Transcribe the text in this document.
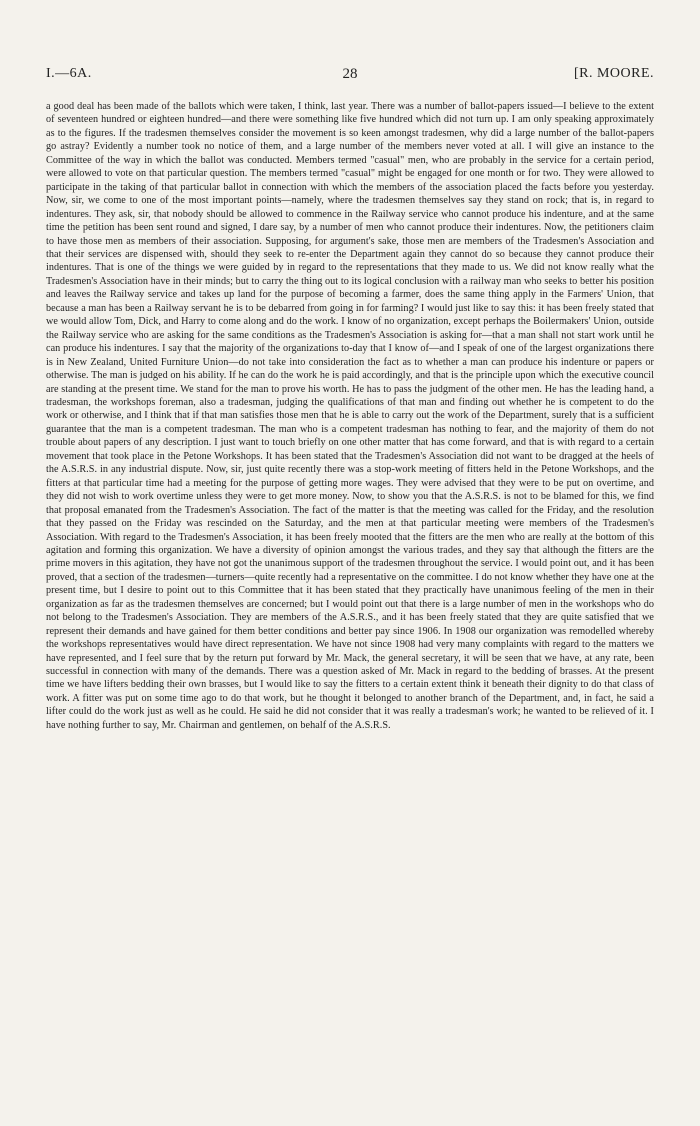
I.—6A.	28	[R. MOORE.
a good deal has been made of the ballots which were taken, I think, last year. There was a number of ballot-papers issued—I believe to the extent of seventeen hundred or eighteen hundred—and there were something like five hundred which did not turn up. I am only speaking approximately as to the figures. If the tradesmen themselves consider the movement is so keen amongst tradesmen, why did a large number of the ballot-papers go astray? Evidently a number took no notice of them, and a large number of the members never voted at all. I will give an instance to the Committee of the way in which the ballot was conducted. Members termed "casual" men, who are probably in the service for a certain period, were allowed to vote on that particular question. The members termed "casual" might be engaged for one month or for two. They were allowed to participate in the taking of that particular ballot in connection with which the members of the association placed the facts before you yesterday. Now, sir, we come to one of the most important points—namely, where the tradesmen themselves say they stand on rock; that is, in regard to indentures. They ask, sir, that nobody should be allowed to commence in the Railway service who cannot produce his indenture, and at the same time the petition has been sent round and signed, I dare say, by a number of men who cannot produce their indentures. Now, the petitioners claim to have those men as members of their association. Supposing, for argument's sake, those men are members of the Tradesmen's Association and that their services are dispensed with, should they seek to re-enter the Department again they cannot do so because they cannot produce their indentures. That is one of the things we were guided by in regard to the representations that they made to us. We did not know really what the Tradesmen's Association have in their minds; but to carry the thing out to its logical conclusion with a railway man who seeks to better his position and leaves the Railway service and takes up land for the purpose of becoming a farmer, does the same thing apply in the Farmers' Union, that because a man has been a Railway servant he is to be debarred from going in for farming? I would just like to say this: it has been freely stated that we would allow Tom, Dick, and Harry to come along and do the work. I know of no organization, except perhaps the Boilermakers' Union, outside the Railway service who are asking for the same conditions as the Tradesmen's Association is asking for—that a man shall not start work until he can produce his indentures. I say that the majority of the organizations to-day that I know of—and I speak of one of the largest organizations there is in New Zealand, United Furniture Union—do not take into consideration the fact as to whether a man can produce his indenture or papers or otherwise. The man is judged on his ability. If he can do the work he is paid accordingly, and that is the principle upon which the executive council are standing at the present time. We stand for the man to prove his worth. He has to pass the judgment of the other men. He has the leading hand, a tradesman, the workshops foreman, also a tradesman, judging the qualifications of that man and finding out whether he is competent to do the work or otherwise, and I think that if that man satisfies those men that he is able to carry out the work of the Department, surely that is a sufficient guarantee that the man is a competent tradesman. The man who is a competent tradesman has nothing to fear, and the majority of them do not trouble about papers of any description. I just want to touch briefly on one other matter that has come forward, and that is with regard to a certain movement that took place in the Petone Workshops. It has been stated that the Tradesmen's Association did not want to be dragged at the heels of the A.S.R.S. in any industrial dispute. Now, sir, just quite recently there was a stop-work meeting of fitters held in the Petone Workshops, and the fitters at that particular time had a meeting for the purpose of getting more wages. They were advised that they were to be put on overtime, and they did not wish to work overtime unless they were to get more money. Now, to show you that the A.S.R.S. is not to be blamed for this, we find that proposal emanated from the Tradesmen's Association. The fact of the matter is that the meeting was called for the Friday, and the resolution that they passed on the Friday was rescinded on the Saturday, and the men at that particular meeting were members of the Tradesmen's Association. With regard to the Tradesmen's Association, it has been freely mooted that the fitters are the men who are really at the bottom of this agitation and forming this organization. We have a diversity of opinion amongst the various trades, and they say that although the fitters are the prime movers in this agitation, they have not got the unanimous support of the tradesmen throughout the service. I would point out, and it has been proved, that a section of the tradesmen—turners—quite recently had a representative on the committee. I do not know whether they have one at the present time, but I desire to point out to this Committee that it has been stated that they practically have unanimous feeling of the men in their organization as far as the tradesmen themselves are concerned; but I would point out that there is a large number of men in the workshops who do not belong to the Tradesmen's Association. They are members of the A.S.R.S., and it has been freely stated that they are quite satisfied that we represent their demands and have gained for them better conditions and better pay since 1906. In 1908 our organization was remodelled whereby the workshops representatives would have direct representation. We have not since 1908 had very many complaints with regard to the matters we have represented, and I feel sure that by the return put forward by Mr. Mack, the general secretary, it will be seen that we have, at any rate, been successful in connection with many of the demands. There was a question asked of Mr. Mack in regard to the bedding of brasses. At the present time we have lifters bedding their own brasses, but I would like to say the fitters to a certain extent think it beneath their dignity to do that class of work. A fitter was put on some time ago to do that work, but he thought it belonged to another branch of the Department, and, in fact, he said a lifter could do the work just as well as he could. He said he did not consider that it was really a tradesman's work; he wanted to be relieved of it. I have nothing further to say, Mr. Chairman and gentlemen, on behalf of the A.S.R.S.
